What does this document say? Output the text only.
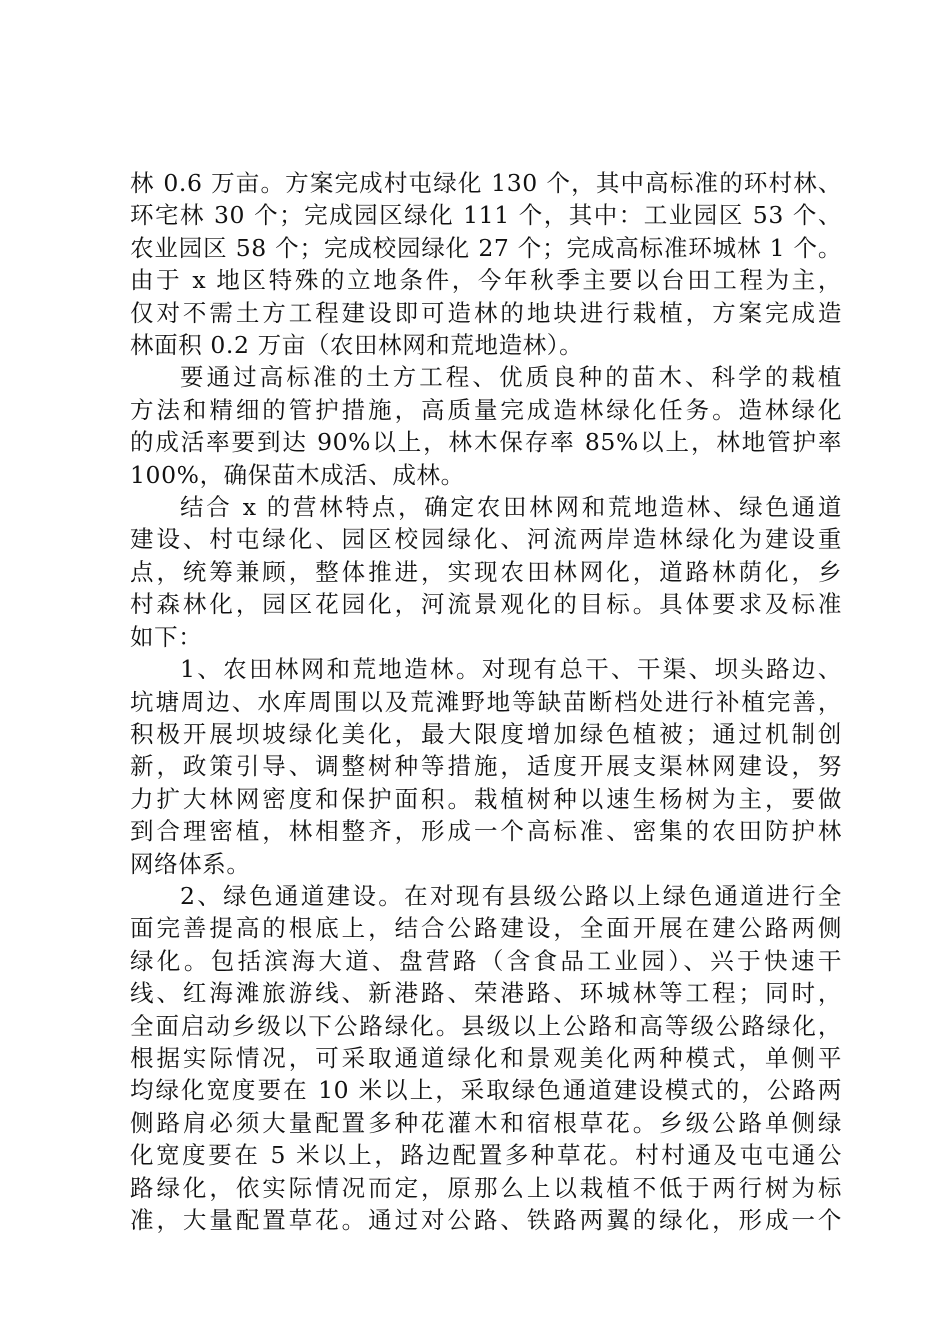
林 0.6 万亩。方案完成村屯绿化 130 个，其中高标准的环村林、
环宅林 30 个；完成园区绿化 111 个，其中：工业园区 53 个、
农业园区 58 个；完成校园绿化 27 个；完成高标准环城林 1 个。
由于 x 地区特殊的立地条件，今年秋季主要以台田工程为主，
仅对不需土方工程建设即可造林的地块进行栽植，方案完成造
林面积 0.2 万亩（农田林网和荒地造林）。
要通过高标准的土方工程、优质良种的苗木、科学的栽植
方法和精细的管护措施，高质量完成造林绿化任务。造林绿化
的成活率要到达 90%以上，林木保存率 85%以上，林地管护率
100%，确保苗木成活、成林。
结合 x 的营林特点，确定农田林网和荒地造林、绿色通道
建设、村屯绿化、园区校园绿化、河流两岸造林绿化为建设重
点，统筹兼顾，整体推进，实现农田林网化，道路林荫化，乡
村森林化，园区花园化，河流景观化的目标。具体要求及标准
如下：
1、农田林网和荒地造林。对现有总干、干渠、坝头路边、
坑塘周边、水库周围以及荒滩野地等缺苗断档处进行补植完善，
积极开展坝坡绿化美化，最大限度增加绿色植被；通过机制创
新，政策引导、调整树种等措施，适度开展支渠林网建设，努
力扩大林网密度和保护面积。栽植树种以速生杨树为主，要做
到合理密植，林相整齐，形成一个高标准、密集的农田防护林
网络体系。
2、绿色通道建设。在对现有县级公路以上绿色通道进行全
面完善提高的根底上，结合公路建设，全面开展在建公路两侧
绿化。包括滨海大道、盘营路（含食品工业园）、兴于快速干
线、红海滩旅游线、新港路、荣港路、环城林等工程；同时，
全面启动乡级以下公路绿化。县级以上公路和高等级公路绿化，
根据实际情况，可采取通道绿化和景观美化两种模式，单侧平
均绿化宽度要在 10 米以上，采取绿色通道建设模式的，公路两
侧路肩必须大量配置多种花灌木和宿根草花。乡级公路单侧绿
化宽度要在 5 米以上，路边配置多种草花。村村通及屯屯通公
路绿化，依实际情况而定，原那么上以栽植不低于两行树为标
准，大量配置草花。通过对公路、铁路两翼的绿化，形成一个
